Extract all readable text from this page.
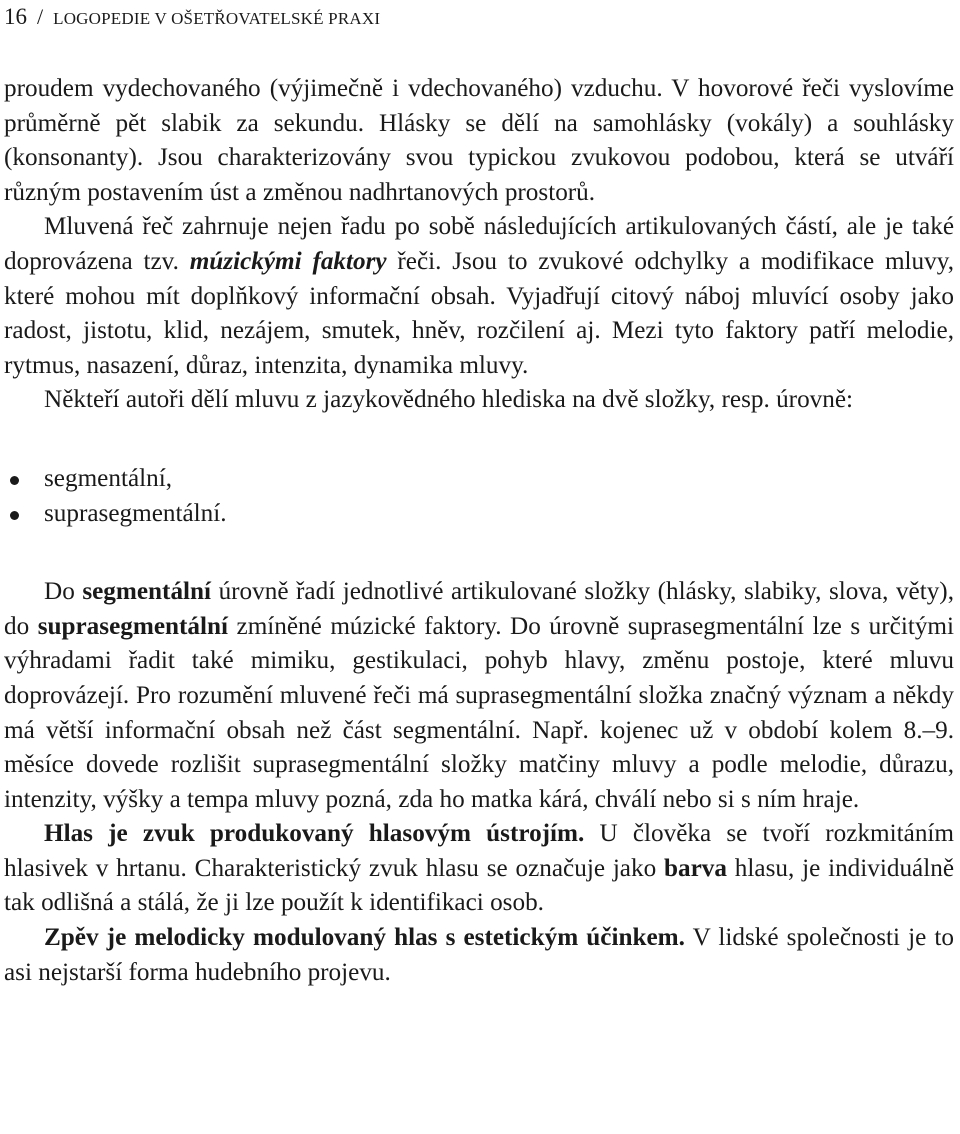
16 / LOGOPEDIE V OŠETŘOVATELSKÉ PRAXI

proudem vydechovaného (výjimečně i vdechovaného) vzduchu. V hovorové řeči vyslovíme průměrně pět slabik za sekundu. Hlásky se dělí na samohlásky (vokály) a souhlásky (konsonanty). Jsou charakterizovány svou typickou zvukovou podobou, která se utváří různým postavením úst a změnou nadhrtanových prostorů.

Mluvená řeč zahrnuje nejen řadu po sobě následujících artikulovaných částí, ale je také doprovázena tzv. múzickými faktory řeči. Jsou to zvukové odchylky a modifikace mluvy, které mohou mít doplňkový informační obsah. Vyjadřují citový náboj mluvící osoby jako radost, jistotu, klid, nezájem, smutek, hněv, rozčilení aj. Mezi tyto faktory patří melodie, rytmus, nasazení, důraz, intenzita, dynamika mluvy.

Někteří autoři dělí mluvu z jazykovědného hlediska na dvě složky, resp. úrovně:

segmentální,
suprasegmentální.

Do segmentální úrovně řadí jednotlivé artikulované složky (hlásky, slabiky, slova, věty), do suprasegmentální zmíněné múzické faktory. Do úrovně suprasegmentální lze s určitými výhradami řadit také mimiku, gestikulaci, pohyb hlavy, změnu postoje, které mluvu doprovázejí. Pro rozumění mluvené řeči má suprasegmentální složka značný význam a někdy má větší informační obsah než část segmentální. Např. kojenec už v období kolem 8.–9. měsíce dovede rozlišit suprasegmentální složky matčiny mluvy a podle melodie, důrazu, intenzity, výšky a tempa mluvy pozná, zda ho matka kárá, chválí nebo si s ním hraje.

Hlas je zvuk produkovaný hlasovým ústrojím. U člověka se tvoří rozkmitáním hlasivek v hrtanu. Charakteristický zvuk hlasu se označuje jako barva hlasu, je individuálně tak odlišná a stálá, že ji lze použít k identifikaci osob.

Zpěv je melodicky modulovaný hlas s estetickým účinkem. V lidské společnosti je to asi nejstarší forma hudebního projevu.
